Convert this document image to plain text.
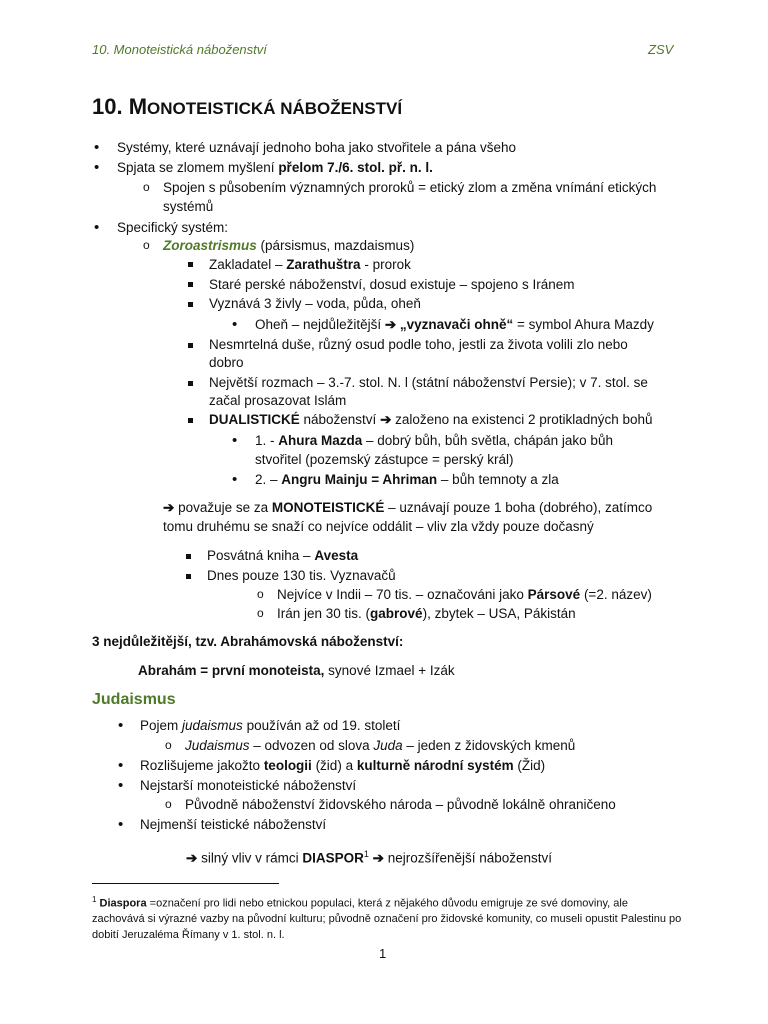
10. Monoteistická náboženství	ZSV
10. MONOTEISTICKÁ NÁBOŽENSTVÍ
• Systémy, které uznávají jednoho boha jako stvořitele a pána všeho
• Spjata se zlomem myšlení přelom 7./6. stol. př. n. l.
o Spojen s působením významných proroků = etický zlom a změna vnímání etických
systémů
• Specifický systém:
o Zoroastrismus (pársismus, mazdaismus)
Zakladatel – Zarathuštra - prorok
Staré perské náboženství, dosud existuje – spojeno s Iránem
Vyznává 3 živly – voda, půda, oheň
• Oheň – nejdůležitější ➔ „vyznavači ohně“ = symbol Ahura Mazdy
Nesmrtelná duše, různý osud podle toho, jestli za života volili zlo nebo
dobro
Největší rozmach – 3.-7. stol. N. l (státní náboženství Persie); v 7. stol. se
začal prosazovat Islám
DUALISTICKÉ náboženství ➔ založeno na existenci 2 protikladných bohů
• 1. - Ahura Mazda – dobrý bůh, bůh světla, chápán jako bůh
stvořitel (pozemský zástupce = perský král)
• 2. – Angru Mainju = Ahriman – bůh temnoty a zla
➔ považuje se za MONOTEISTICKÉ – uznávají pouze 1 boha (dobrého), zatímco
tomu druhému se snaží co nejvíce oddálit – vliv zla vždy pouze dočasný
Posvátná kniha – Avesta
Dnes pouze 130 tis. Vyznavačů
o Nejvíce v Indii – 70 tis. – označováni jako Pársové (=2. název)
o Irán jen 30 tis. (gabrové), zbytek – USA, Pákistán
3 nejdůležitější, tzv. Abrahámovská náboženství:
Abrahám = první monoteista, synové Izmael + Izák
Judaismus
• Pojem judaismus používán až od 19. století
o Judaismus – odvozen od slova Juda – jeden z židovských kmenů
• Rozlišujeme jakožto teologii (žid) a kulturně národní systém (Žid)
• Nejstarší monoteistické náboženství
o Původně náboženství židovského národa – původně lokálně ohraničeno
• Nejmenší teistické náboženství
➔ silný vliv v rámci DIASPOR$^1$ ➔ nejrozšířenější náboženství
$^1$ Diaspora =označení pro lidi nebo etnickou populaci, která z nějakého důvodu emigruje ze své domoviny, ale zachovává si výrazné vazby na původní kulturu; původně označení pro židovské komunity, co museli opustit Palestinu po dobití Jeruzaléma Římany v 1. stol. n. l.
1
